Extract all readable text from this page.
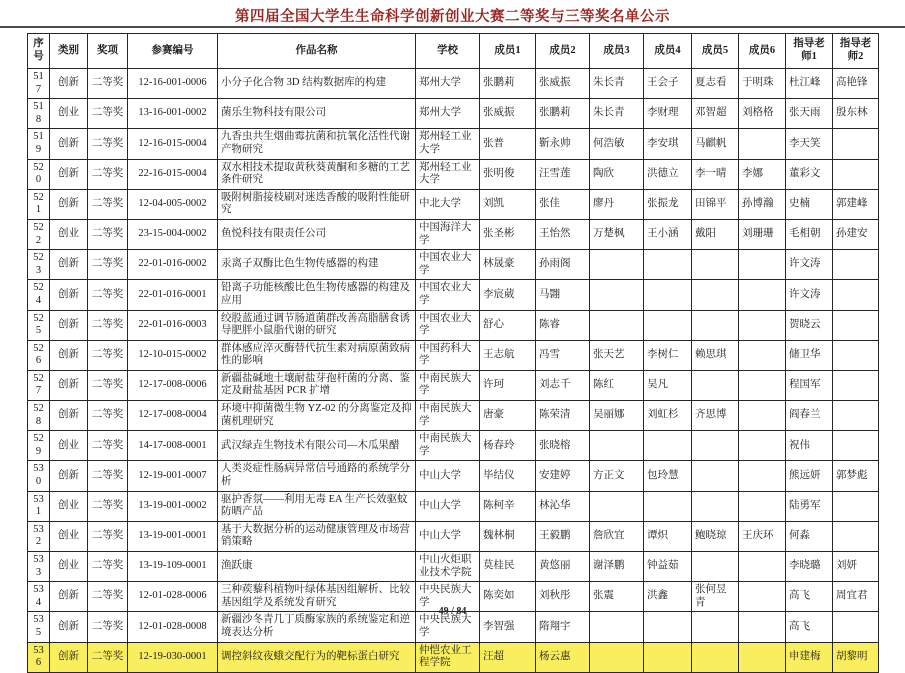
第四届全国大学生生命科学创新创业大赛二等奖与三等奖名单公示
序号	类别	奖项	参赛编号	作品名称	学校	成员1	成员2	成员3	成员4	成员5	成员6	指导老师1	指导老师2
517	创新	二等奖	12-16-001-0006	小分子化合物 3D 结构数据库的构建	郑州大学	张鹏莉	张威振	朱长青	王会子	夏志看	于明珠	杜江峰	高艳锋
518	创业	二等奖	13-16-001-0002	菌乐生物科技有限公司	郑州大学	张威振	张鹏莉	朱长青	李财理	邓智超	刘格格	张天雨	殷东林
519	创新	二等奖	12-16-015-0004	九香虫共生烟曲霉抗菌和抗氧化活性代谢产物研究	郑州轻工业大学	张普	靳永帅	何浩敏	李安琪	马麒帆		李天笑	
520	创新	二等奖	22-16-015-0004	双水相技术提取黄秋葵黄酮和多糖的工艺条件研究	郑州轻工业大学	张明俊	汪雪莲	陶欣	洪德立	李一晴	李娜	董彩文	
521	创新	二等奖	12-04-005-0002	吸附树脂接枝刷对迷迭香酸的吸附性能研究	中北大学	刘凯	张佳	廖丹	张振龙	田锦平	孙博瀚	史楠	郭建峰
522	创业	二等奖	23-15-004-0002	鱼悦科技有限责任公司	中国海洋大学	张圣彬	王怡然	万楚枫	王小涵	戴阳	刘珊珊	毛相朝	孙建安
523	创新	二等奖	22-01-016-0002	汞离子双酶比色生物传感器的构建	中国农业大学	林晟豪	孙雨阁					许文涛	
524	创新	二等奖	22-01-016-0001	铅离子功能核酸比色生物传感器的构建及应用	中国农业大学	李宸葳	马翾					许文涛	
525	创新	二等奖	22-01-016-0003	绞股蓝通过调节肠道菌群改善高脂膳食诱导肥胖小鼠脂代谢的研究	中国农业大学	舒心	陈睿					贺晓云	
526	创新	二等奖	12-10-015-0002	群体感应淬灭酶替代抗生素对病原菌致病性的影响	中国药科大学	王志航	冯雪	张天艺	李树仁	赖思琪		储卫华	
527	创新	二等奖	12-17-008-0006	新疆盐碱地土壤耐盐芽孢杆菌的分离、鉴定及耐盐基因 PCR 扩增	中南民族大学	许珂	刘志千	陈红	吴凡			程国军	
528	创新	二等奖	12-17-008-0004	环境中抑菌微生物 YZ-02 的分离鉴定及抑菌机理研究	中南民族大学	唐豪	陈荣清	吴丽娜	刘虹杉	齐思博		阎春兰	
529	创业	二等奖	14-17-008-0001	武汉绿垚生物技术有限公司—木瓜果醋	中南民族大学	杨春玲	张晓榕					祝伟	
530	创新	二等奖	12-19-001-0007	人类炎症性肠病异常信号通路的系统学分析	中山大学	毕结仪	安建婷	方正文	包玲慧			熊远妍	郭梦彪
531	创业	二等奖	13-19-001-0002	驱护香氛——利用无毒 EA 生产长效驱蚊防晒产品	中山大学	陈柯辛	林沁华					陆勇军	
532	创业	二等奖	13-19-001-0001	基于大数据分析的运动健康管理及市场营销策略	中山大学	魏林桐	王毅鹏	詹欣宜	谭炽	鲍晓琼	王庆环	何淼	
533	创业	二等奖	13-19-109-0001	渔跃康	中山火炬职业技术学院	莫桂民	黄悠丽	谢泽鹏	钟益茹			李晓璐	刘妍
534	创新	二等奖	12-01-028-0006	三种蒺藜科植物叶绿体基因组解析、比较基因组学及系统发育研究	中央民族大学	陈奕如	刘秋彤	张震	洪鑫	张何昱青		高飞	周宜君
535	创新	二等奖	12-01-028-0008	新疆沙冬青几丁质酶家族的系统鉴定和逆境表达分析	中央民族大学	李智强	隋翔宇					高飞	
536	创新	二等奖	12-19-030-0001	调控斜纹夜蛾交配行为的靶标蛋白研究	仲恺农业工程学院	汪超	杨云惠					申建梅	胡黎明
49 / 84
